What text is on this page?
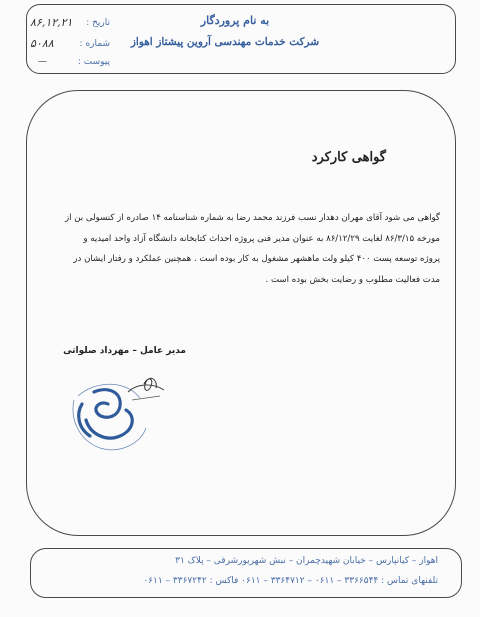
به نام پروردگار
شرکت خدمات مهندسی آروین پیشتاز اهواز
۸۶,۱۲,۲۱ تاریخ :
۵۰۸۸	شماره :
—	پیوست :
گواهی کارکرد
گواهی می شود آقای مهران دهدار نسب فرزند محمد رضا به شماره شناسنامه ۱۴ صادره از کنسولی بن از
مورخه ۸۶/۳/۱۵ لغایت ۸۶/۱۲/۲۹ به عنوان مدیر فنی پروژه احداث کتابخانه دانشگاه آزاد واحد امیدیه و
پروژه توسعه پست ۴۰۰ کیلو ولت ماهشهر مشغول به کار بوده است . همچنین عملکرد و رفتار ایشان در
مدت فعالیت مطلوب و رضایت بخش بوده است .
مدیر عامل – مهرداد صلواتی
اهواز – کیانپارس – خیابان شهیدچمران – نبش شهریورشرقی – پلاک ۳۱
تلفنهای تماس : ۳۳۶۶۵۴۴ – ۰۶۱۱ – ۳۳۶۴۷۱۲ – ۰۶۱۱ فاکس : ۳۳۶۷۲۴۲ – ۰۶۱۱
